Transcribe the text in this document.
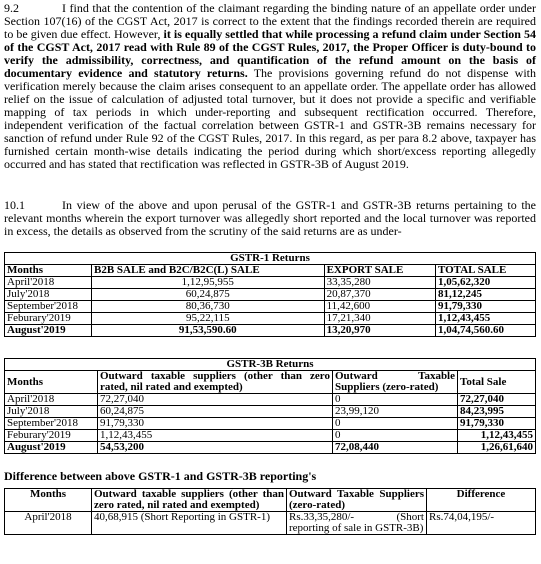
9.2	I find that the contention of the claimant regarding the binding nature of an appellate order under Section 107(16) of the CGST Act, 2017 is correct to the extent that the findings recorded therein are required to be given due effect. However, it is equally settled that while processing a refund claim under Section 54 of the CGST Act, 2017 read with Rule 89 of the CGST Rules, 2017, the Proper Officer is duty-bound to verify the admissibility, correctness, and quantification of the refund amount on the basis of documentary evidence and statutory returns. The provisions governing refund do not dispense with verification merely because the claim arises consequent to an appellate order. The appellate order has allowed relief on the issue of calculation of adjusted total turnover, but it does not provide a specific and verifiable mapping of tax periods in which under-reporting and subsequent rectification occurred. Therefore, independent verification of the factual correlation between GSTR-1 and GSTR-3B remains necessary for sanction of refund under Rule 92 of the CGST Rules, 2017. In this regard, as per para 8.2 above, taxpayer has furnished certain month-wise details indicating the period during which short/excess reporting allegedly occurred and has stated that rectification was reflected in GSTR-3B of August 2019.
10.1	In view of the above and upon perusal of the GSTR-1 and GSTR-3B returns pertaining to the relevant months wherein the export turnover was allegedly short reported and the local turnover was reported in excess, the details as observed from the scrutiny of the said returns are as under-
GSTR-1 Returns			
Months	B2B SALE and B2C/B2C(L) SALE	EXPORT SALE	TOTAL SALE
April'2018	1,12,95,955	33,35,280	1,05,62,320
July'2018	60,24,875	20,87,370	81,12,245
September'2018	80,36,730	11,42,600	91,79,330
Feburary'2019	95,22,115	17,21,340	1,12,43,455
August'2019	91,53,590.60	13,20,970	1,04,74,560.60
GSTR-3B Returns			
Months	Outward taxable suppliers (other than zero rated, nil rated and exempted)	Outward Taxable Suppliers (zero-rated)	Total Sale
April'2018	72,27,040	0	72,27,040
July'2018	60,24,875	23,99,120	84,23,995
September'2018	91,79,330	0	91,79,330
Feburary'2019	1,12,43,455	0	1,12,43,455
August'2019	54,53,200	72,08,440	1,26,61,640
Difference between above GSTR-1 and GSTR-3B reporting's
Months	Outward taxable suppliers (other than zero rated, nil rated and exempted)	Outward Taxable Suppliers (zero-rated)	Difference
April'2018	40,68,915 (Short Reporting in GSTR-1)	Rs.33,35,280/- (Short reporting of sale in GSTR-3B)	Rs.74,04,195/-
